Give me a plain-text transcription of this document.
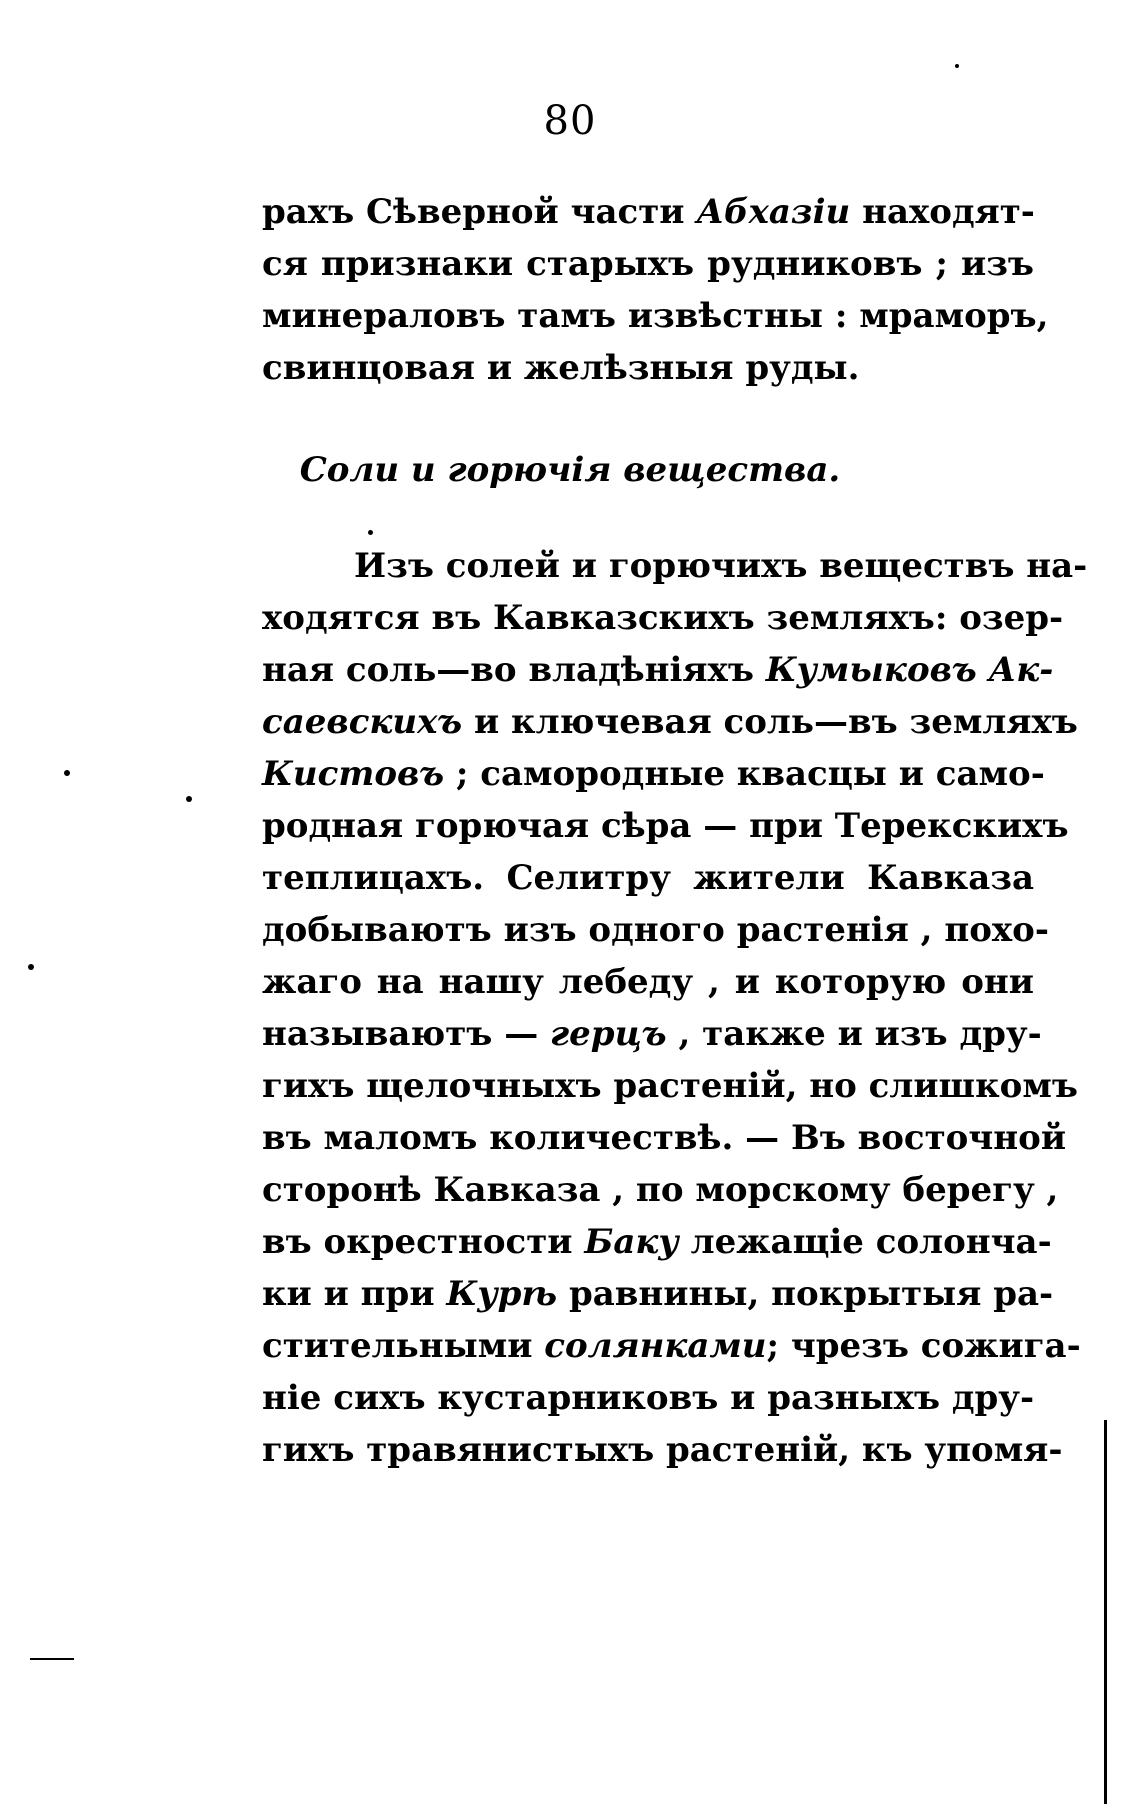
80
рахъ Сѣверной части Абхазіи находят-
ся признаки старыхъ рудниковъ ; изъ
минераловъ тамъ извѣстны : мраморъ,
свинцовая и желѣзныя руды.
Соли и горючія вещества.
Изъ солей и горючихъ веществъ на-
ходятся въ Кавказскихъ земляхъ: озер-
ная соль—во владѣніяхъ Кумыковъ Ак-
саевскихъ и ключевая соль—въ земляхъ
Кистовъ ; самородные квасцы и само-
родная горючая сѣра — при Терекскихъ
теплицахъ. Селитру жители Кавказа
добываютъ изъ одного растенія , похо-
жаго на нашу лебеду , и которую они
называютъ — герцъ , также и изъ дру-
гихъ щелочныхъ растеній, но слишкомъ
въ маломъ количествѣ. — Въ восточной
сторонѣ Кавказа , по морскому берегу ,
въ окрестности Баку лежащіе солонча-
ки и при Курѣ равнины, покрытыя ра-
стительными солянками; чрезъ сожига-
ніе сихъ кустарниковъ и разныхъ дру-
гихъ травянистыхъ растеній, къ упомя-
